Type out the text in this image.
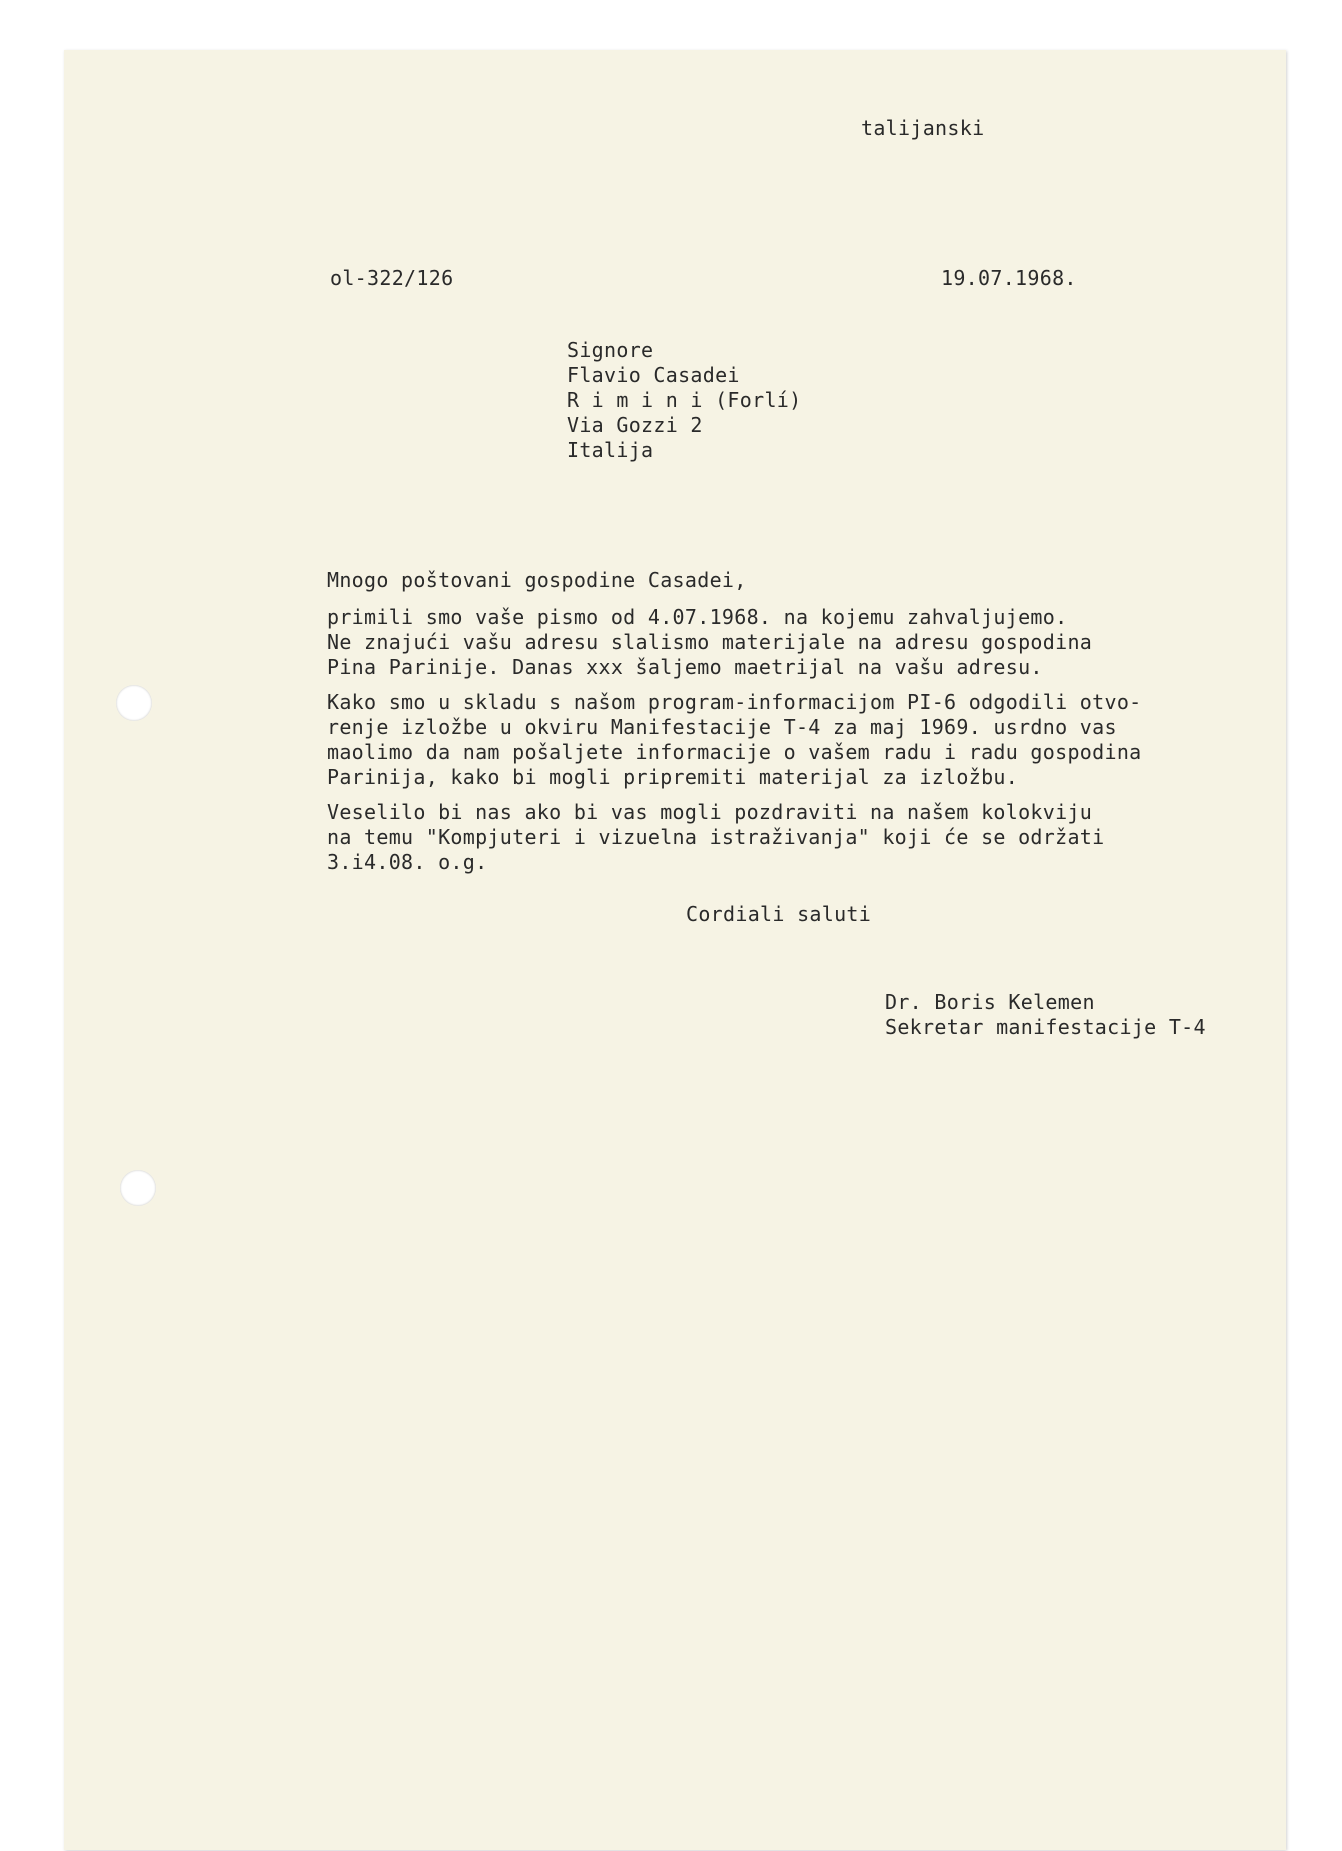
talijanski
ol-322/126	19.07.1968.
Signore
Flavio Casadei
R i m i n i (Forlí)
Via Gozzi 2
Italija
Mnogo poštovani gospodine Casadei,
primili smo vaše pismo od 4.07.1968. na kojemu zahvaljujemo.
Ne znajući vašu adresu slalismo materijale na adresu gospodina
Pina Parinije. Danas xxx šaljemo maetrijal na vašu adresu.
Kako smo u skladu s našom program-informacijom PI-6 odgodili otvo-
renje izložbe u okviru Manifestacije T-4 za maj 1969. usrdno vas
maolimo da nam pošaljete informacije o vašem radu i radu gospodina
Parinija, kako bi mogli pripremiti materijal za izložbu.
Veselilo bi nas ako bi vas mogli pozdraviti na našem kolokviju
na temu "Kompjuteri i vizuelna istraživanja" koji će se održati
3.i4.08. o.g.
Cordiali saluti
Dr. Boris Kelemen
Sekretar manifestacije T-4
